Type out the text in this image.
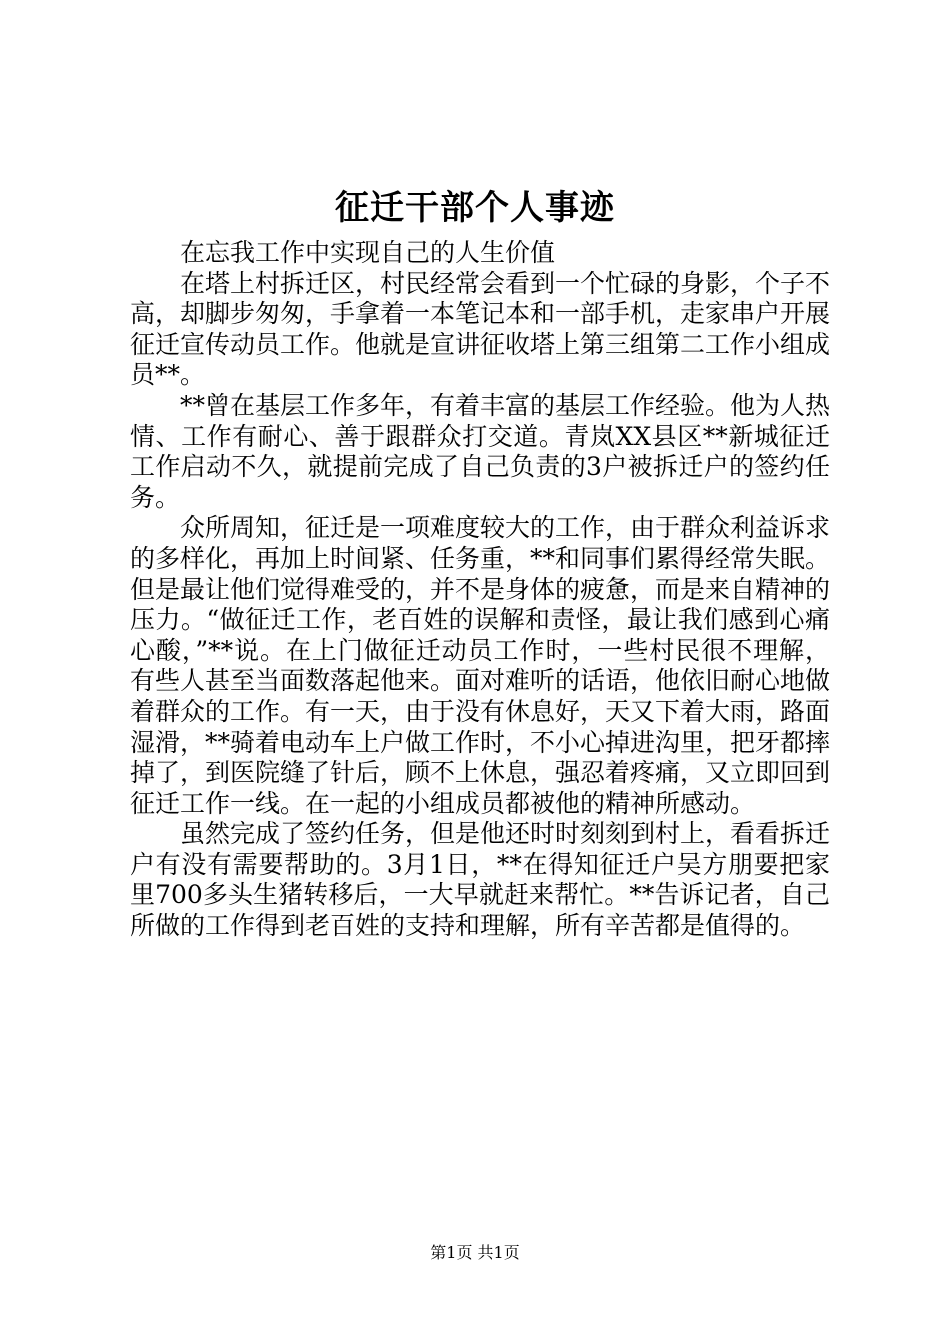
征迁干部个人事迹

在忘我工作中实现自己的人生价值

在塔上村拆迁区，村民经常会看到一个忙碌的身影，个子不高，却脚步匆匆，手拿着一本笔记本和一部手机，走家串户开展征迁宣传动员工作。他就是宣讲征收塔上第三组第二工作小组成员**。

**曾在基层工作多年，有着丰富的基层工作经验。他为人热情、工作有耐心、善于跟群众打交道。青岚XX县区**新城征迁工作启动不久，就提前完成了自己负责的3户被拆迁户的签约任务。

众所周知，征迁是一项难度较大的工作，由于群众利益诉求的多样化，再加上时间紧、任务重，**和同事们累得经常失眠。但是最让他们觉得难受的，并不是身体的疲惫，而是来自精神的压力。“做征迁工作，老百姓的误解和责怪，最让我们感到心痛心酸，”**说。在上门做征迁动员工作时，一些村民很不理解，有些人甚至当面数落起他来。面对难听的话语，他依旧耐心地做着群众的工作。有一天，由于没有休息好，天又下着大雨，路面湿滑，**骑着电动车上户做工作时，不小心掉进沟里，把牙都摔掉了，到医院缝了针后，顾不上休息，强忍着疼痛，又立即回到征迁工作一线。在一起的小组成员都被他的精神所感动。

虽然完成了签约任务，但是他还时时刻刻到村上，看看拆迁户有没有需要帮助的。3月1日，**在得知征迁户吴方朋要把家里700多头生猪转移后，一大早就赶来帮忙。**告诉记者，自己所做的工作得到老百姓的支持和理解，所有辛苦都是值得的。

第1页 共1页
